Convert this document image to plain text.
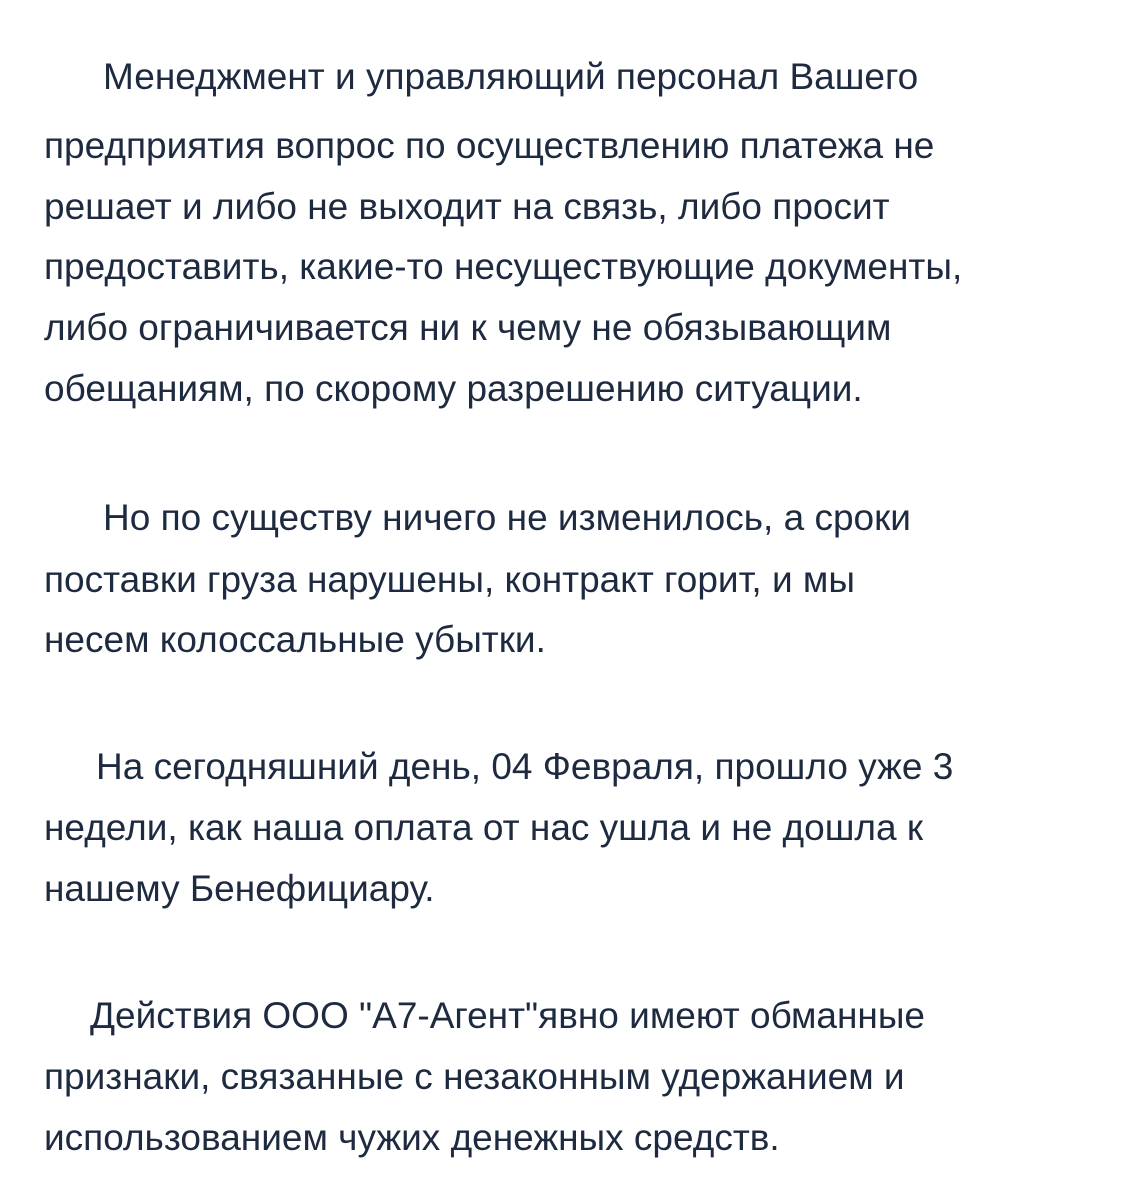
Менеджмент и управляющий персонал Вашего

предприятия вопрос по осуществлению платежа не

решает и либо не выходит на связь, либо просит

предоставить, какие-то несуществующие документы,

либо ограничивается ни к чему не обязывающим

обещаниям, по скорому разрешению ситуации.

Но по существу ничего не изменилось, а сроки

поставки груза нарушены, контракт горит, и мы

несем колоссальные убытки.

На сегодняшний день, 04 Февраля, прошло уже 3

недели, как наша оплата от нас ушла и не дошла к

нашему Бенефициару.

Действия ООО "А7-Агент"явно имеют обманные

признаки, связанные с незаконным удержанием и

использованием чужих денежных средств.
